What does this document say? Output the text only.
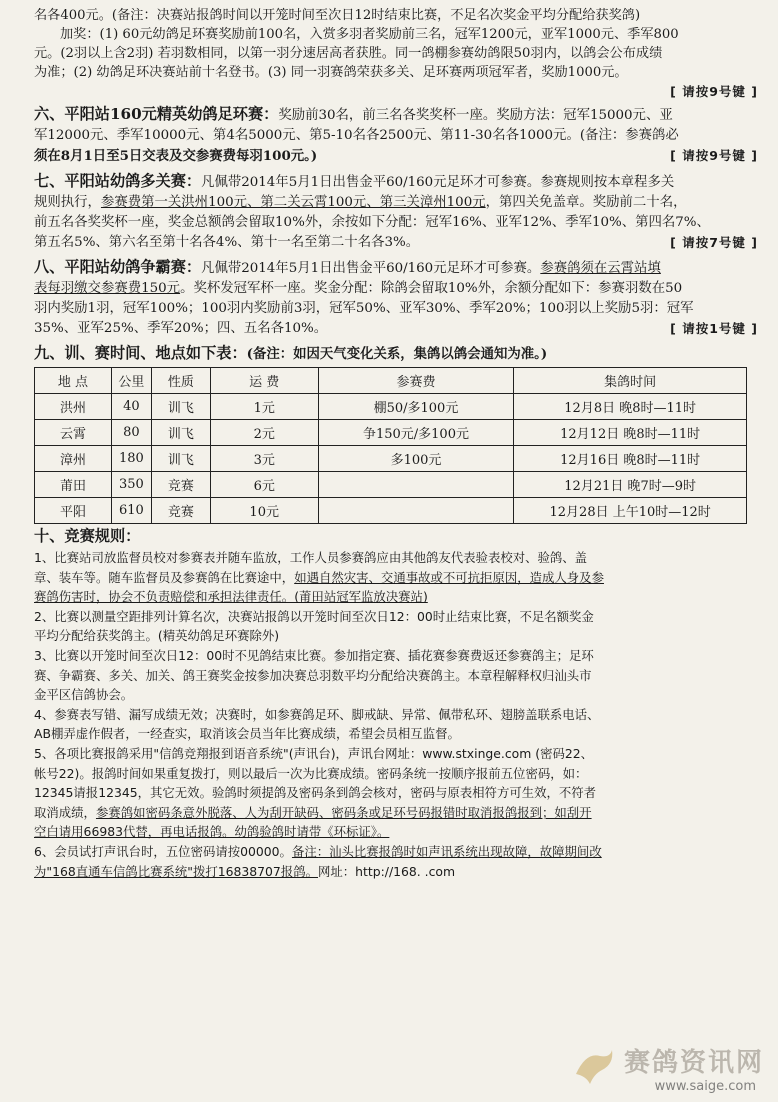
名各400元。(备注：决赛站报鸽时间以开笼时间至次日12时结束比赛，不足名次奖金平均分配给获奖鸽)

加奖：(1) 60元幼鸽足环赛奖励前100名，入赏多羽者奖励前三名，冠军1200元，亚军1000元、季军800

元。(2羽以上含2羽) 若羽数相同，以第一羽分速居高者获胜。同一鸽棚参赛幼鸽限50羽内，以鸽会公布成绩

为准；(2) 幼鸽足环决赛站前十名登书。(3) 同一羽赛鸽荣获多关、足环赛两项冠军者，奖励1000元。

[ 请按9号键 ]

六、平阳站160元精英幼鸽足环赛：奖励前30名，前三名各奖奖杯一座。奖励方法：冠军15000元、亚

军12000元、季军10000元、第4名5000元、第5-10名各2500元、第11-30名各1000元。(备注：参赛鸽必

须在8月1日至5日交表及交参赛费每羽100元。)	[ 请按9号键 ]

七、平阳站幼鸽多关赛：凡佩带2014年5月1日出售金平60/160元足环才可参赛。参赛规则按本章程多关

规则执行，参赛费第一关洪州100元、第二关云霄100元、第三关漳州100元，第四关免盖章。奖励前二十名，

前五名各奖奖杯一座，奖金总额鸽会留取10%外，余按如下分配：冠军16%、亚军12%、季军10%、第四名7%、

第五名5%、第六名至第十名各4%、第十一名至第二十名各3%。	[ 请按7号键 ]

八、平阳站幼鸽争霸赛：凡佩带2014年5月1日出售金平60/160元足环才可参赛。参赛鸽须在云霄站填

表每羽缴交参赛费150元。奖杯发冠军杯一座。奖金分配：除鸽会留取10%外，余额分配如下：参赛羽数在50

羽内奖励1羽，冠军100%；100羽内奖励前3羽，冠军50%、亚军30%、季军20%；100羽以上奖励5羽：冠军

35%、亚军25%、季军20%；四、五名各10%。	[ 请按1号键 ]

九、训、赛时间、地点如下表：(备注：如因天气变化关系，集鸽以鸽会通知为准。)

地 点	公里	性质	运 费	参赛费	集鸽时间
洪州	40	训飞	1元	棚50/多100元	12月8日 晚8时—11时
云霄	80	训飞	2元	争150元/多100元	12月12日 晚8时—11时
漳州	180	训飞	3元	多100元	12月16日 晚8时—11时
莆田	350	竞赛	6元		12月21日 晚7时—9时
平阳	610	竞赛	10元		12月28日 上午10时—12时

十、竞赛规则：

1、比赛站司放监督员校对参赛表并随车监放，工作人员参赛鸽应由其他鸽友代表验表校对、验鸽、盖

章、装车等。随车监督员及参赛鸽在比赛途中，如遇自然灾害、交通事故或不可抗拒原因，造成人身及参

赛鸽伤害时，协会不负责赔偿和承担法律责任。(莆田站冠军监放决赛站)

2、比赛以测量空距排列计算名次，决赛站报鸽以开笼时间至次日12：00时止结束比赛，不足名额奖金

平均分配给获奖鸽主。(精英幼鸽足环赛除外)

3、比赛以开笼时间至次日12：00时不见鸽结束比赛。参加指定赛、插花赛参赛费返还参赛鸽主；足环

赛、争霸赛、多关、加关、鸽王赛奖金按参加决赛总羽数平均分配给决赛鸽主。本章程解释权归汕头市

金平区信鸽协会。

4、参赛表写错、漏写成绩无效；决赛时，如参赛鸽足环、脚戒缺、异常、佩带私环、翅膀盖联系电话、

AB棚弄虚作假者，一经查实，取消该会员当年比赛成绩，希望会员相互监督。

5、各项比赛报鸽采用"信鸽竞翔报到语音系统"(声讯台)，声讯台网址：www.stxinge.com (密码22、

帐号22)。报鸽时间如果重复拨打，则以最后一次为比赛成绩。密码条统一按顺序报前五位密码，如：

12345请报12345，其它无效。验鸽时须提鸽及密码条到鸽会核对，密码与原表相符方可生效，不符者

取消成绩，参赛鸽如密码条意外脱落、人为刮开缺码、密码条或足环号码报错时取消报鸽报到；如刮开

空白请用66983代替，再电话报鸽。幼鸽验鸽时请带《环标证》。

6、会员试打声讯台时，五位密码请按00000。备注：汕头比赛报鸽时如声讯系统出现故障，故障期间改

为"168直通车信鸽比赛系统"拨打16838707报鸽。网址：http://168. .com

赛鸽资讯网
www.saige.com
